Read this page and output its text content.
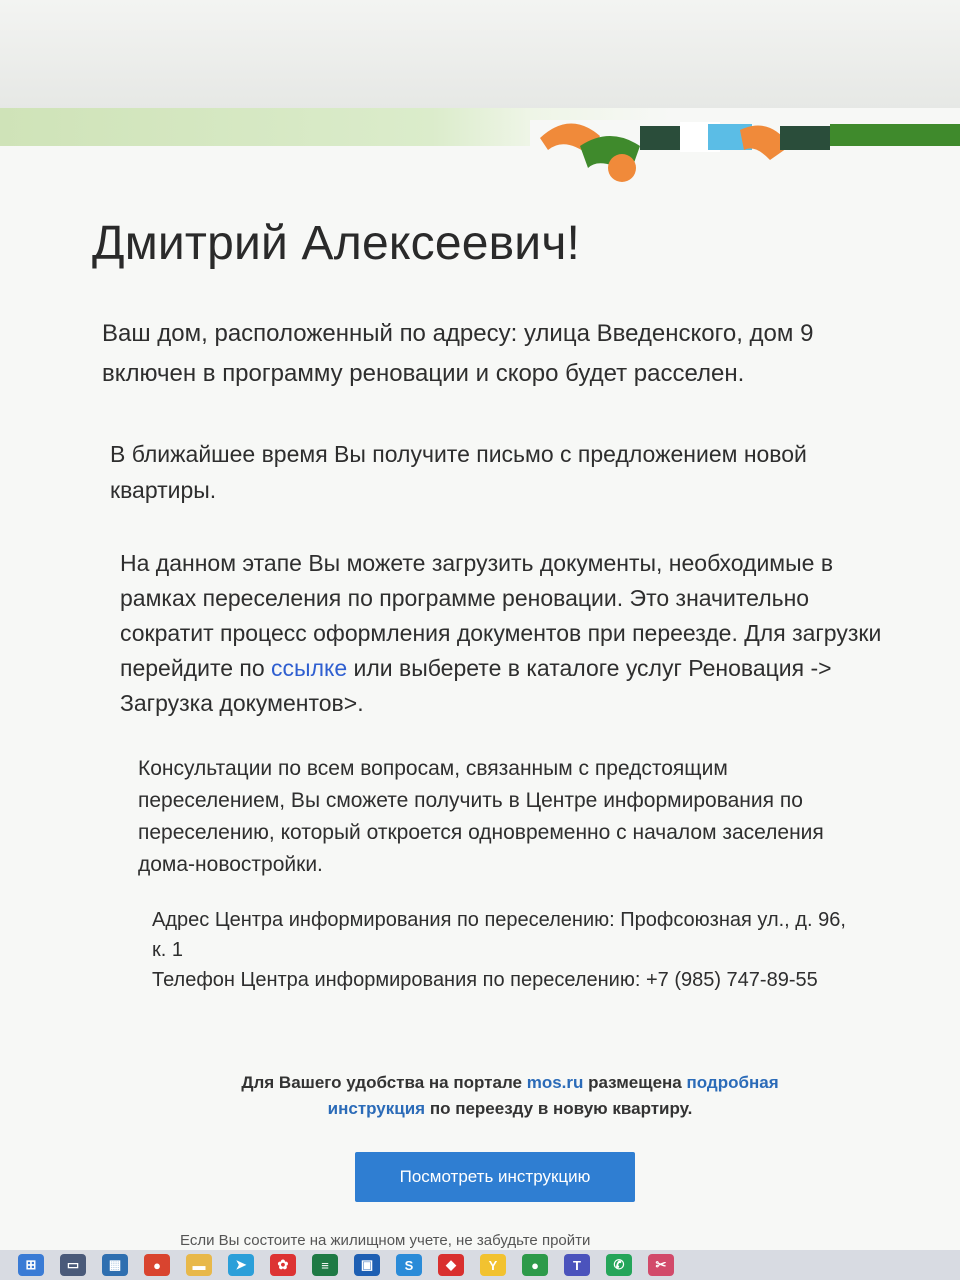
Дмитрий Алексеевич!

Ваш дом, расположенный по адресу: улица Введенского, дом 9 включен в программу реновации и скоро будет расселен.

В ближайшее время Вы получите письмо с предложением новой квартиры.

На данном этапе Вы можете загрузить документы, необходимые в рамках переселения по программе реновации. Это значительно сократит процесс оформления документов при переезде. Для загрузки перейдите по ссылке или выберете в каталоге услуг Реновация -> Загрузка документов>.

Консультации по всем вопросам, связанным с предстоящим переселением, Вы сможете получить в Центре информирования по переселению, который откроется одновременно с началом заселения дома-новостройки.

Адрес Центра информирования по переселению: Профсоюзная ул., д. 96, к. 1
Телефон Центра информирования по переселению: +7 (985) 747-89-55

Для Вашего удобства на портале mos.ru размещена подробная инструкция по переезду в новую квартиру.

Посмотреть инструкцию
Если Вы состоите на жилищном учете, не забудьте пройти
⊞	▭	▦	●	▬	➤	✿	≡	▣	S	◆	Y	●	T	✆	✂
